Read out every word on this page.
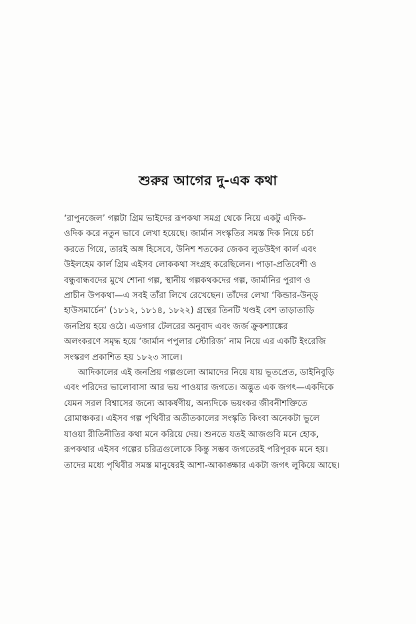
শুরুর আগের দু-এক কথা
‘রাপুনজেল’ গল্পটা গ্রিম ভাইদের রূপকথা সমগ্র থেকে নিয়ে একটু এদিক-
ওদিক করে নতুন ভাবে লেখা হয়েছে। জার্মান সংস্কৃতির সমস্ত দিক নিয়ে চর্চা
করতে গিয়ে, তারই অঙ্গ হিসেবে, উনিশ শতকের জেকব লুডউইগ কার্ল এবং
উইলহেম কার্ল গ্রিম এইসব লোককথা সংগ্রহ করেছিলেন। পাড়া-প্রতিবেশী ও
বন্ধুবান্ধবদের মুখে শোনা গল্প, স্থানীয় গল্পকথকদের গল্প, জার্মানির পুরাণ ও
প্রাচীন উপকথা—এ সবই তাঁরা লিখে রেখেছেন। তাঁদের লেখা ‘কিন্ডার-উন্ড্
হাউসমার্চেন’ (১৮১২, ১৮১৪, ১৮২২) গ্রন্থের তিনটি খণ্ডই বেশ তাড়াতাড়ি
জনপ্রিয় হয়ে ওঠে। এডগার টেলরের অনুবাদ এবং জর্জ ক্রুকশ্যাঙ্কের
অলংকরণে সমৃদ্ধ হয়ে ‘জার্মান পপুলার স্টোরিজ’ নাম নিয়ে এর একটি ইংরেজি
সংস্করণ প্রকাশিত হয় ১৮২৩ সালে।
আদিকালের এই জনপ্রিয় গল্পগুলো আমাদের নিয়ে যায় ভূতপ্রেত, ডাইনিবুড়ি
এবং পরিদের ভালোবাসা আর ভয় পাওয়ার জগতে। অদ্ভুত এক জগৎ—একদিকে
যেমন সরল বিশ্বাসের জন্যে আকর্ষণীয়, অন্যদিকে ভয়ংকর জীবনীশক্তিতে
রোমাঞ্চকর। এইসব গল্প পৃথিবীর অতীতকালের সংস্কৃতি কিংবা অনেকটা ভুলে
যাওয়া রীতিনীতির কথা মনে করিয়ে দেয়। শুনতে যতই আজগুবি মনে হোক,
রূপকথার এইসব গল্পের চরিত্রগুলোকে কিন্তু সম্ভব জগতেরই পরিপূরক মনে হয়।
তাদের মধ্যে পৃথিবীর সমস্ত মানুষেরই আশা-আকাঙ্ক্ষার একটা জগৎ লুকিয়ে আছে।
